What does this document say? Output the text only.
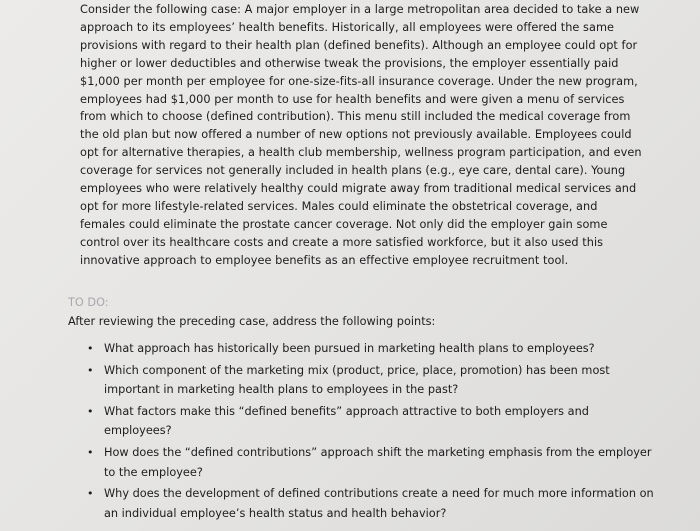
Consider the following case: A major employer in a large metropolitan area decided to take a new approach to its employees’ health benefits. Historically, all employees were offered the same provisions with regard to their health plan (defined benefits). Although an employee could opt for higher or lower deductibles and otherwise tweak the provisions, the employer essentially paid $1,000 per month per employee for one-size-fits-all insurance coverage. Under the new program, employees had $1,000 per month to use for health benefits and were given a menu of services from which to choose (defined contribution). This menu still included the medical coverage from the old plan but now offered a number of new options not previously available. Employees could opt for alternative therapies, a health club membership, wellness program participation, and even coverage for services not generally included in health plans (e.g., eye care, dental care). Young employees who were relatively healthy could migrate away from traditional medical services and opt for more lifestyle-related services. Males could eliminate the obstetrical coverage, and females could eliminate the prostate cancer coverage. Not only did the employer gain some control over its healthcare costs and create a more satisfied workforce, but it also used this innovative approach to employee benefits as an effective employee recruitment tool.

TO DO:

After reviewing the preceding case, address the following points:

• What approach has historically been pursued in marketing health plans to employees?
• Which component of the marketing mix (product, price, place, promotion) has been most important in marketing health plans to employees in the past?
• What factors make this “defined benefits” approach attractive to both employers and employees?
• How does the “defined contributions” approach shift the marketing emphasis from the employer to the employee?
• Why does the development of defined contributions create a need for much more information on an individual employee’s health status and health behavior?
